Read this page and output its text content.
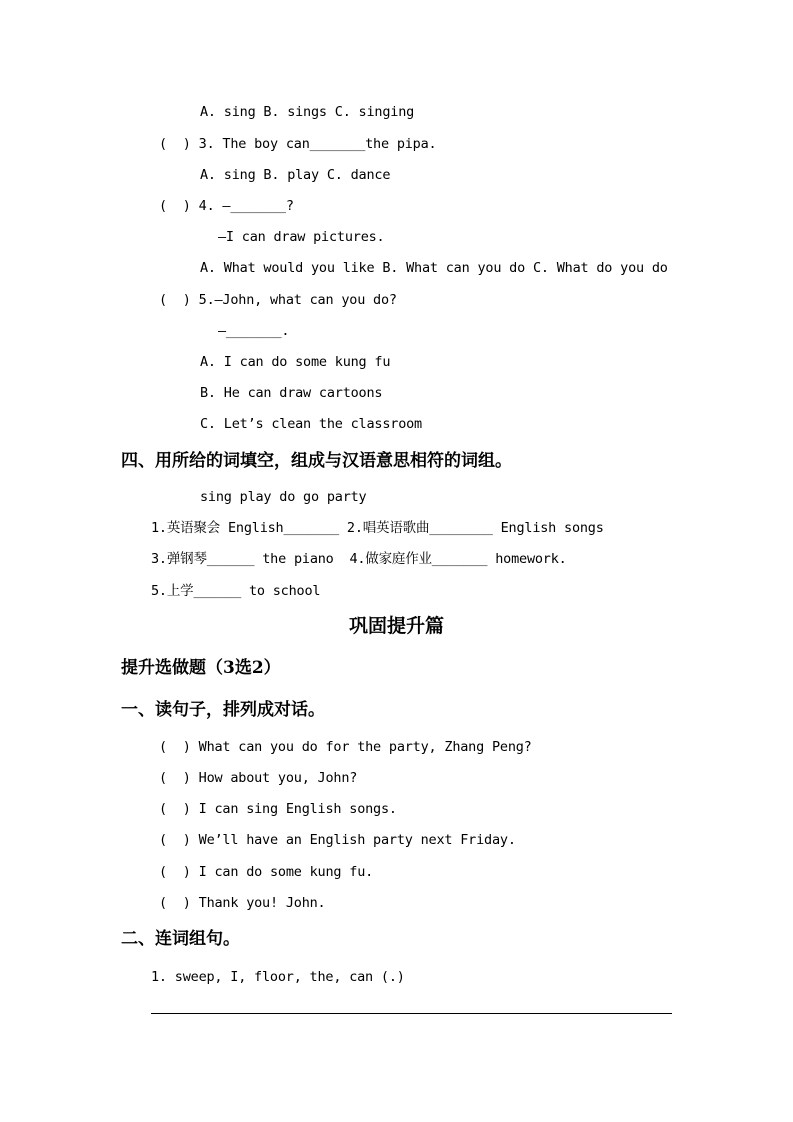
A. sing B. sings C. singing
(  ) 3. The boy can_______the pipa.
A. sing B. play C. dance
(  ) 4. —_______?
—I can draw pictures.
A. What would you like B. What can you do C. What do you do
(  ) 5.—John, what can you do?
—_______.
A. I can do some kung fu
B. He can draw cartoons
C. Let’s clean the classroom
四、用所给的词填空，组成与汉语意思相符的词组。
sing play do go party
1.英语聚会 English_______ 2.唱英语歌曲________ English songs
3.弹钢琴______ the piano  4.做家庭作业_______ homework.
5.上学______ to school
巩固提升篇
提升选做题（3选2）
一、读句子，排列成对话。
(  ) What can you do for the party, Zhang Peng?
(  ) How about you, John?
(  ) I can sing English songs.
(  ) We’ll have an English party next Friday.
(  ) I can do some kung fu.
(  ) Thank you! John.
二、连词组句。
1. sweep, I, floor, the, can (.)
